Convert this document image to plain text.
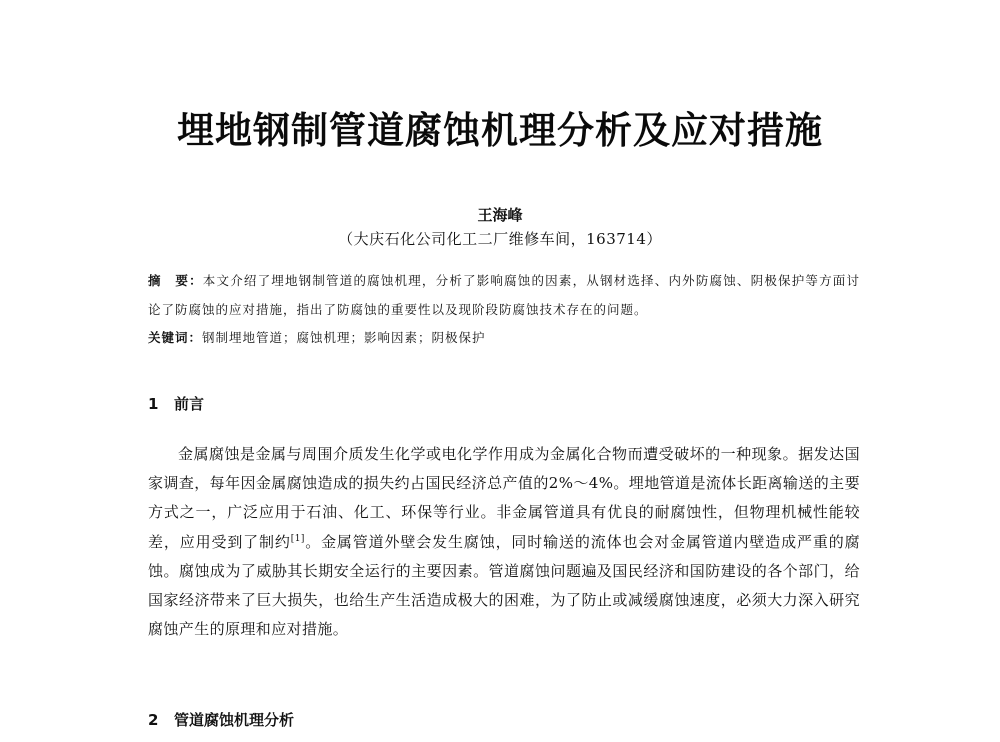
埋地钢制管道腐蚀机理分析及应对措施
王海峰
（大庆石化公司化工二厂维修车间，163714）
摘　要：本文介绍了埋地钢制管道的腐蚀机理，分析了影响腐蚀的因素，从钢材选择、内外防腐蚀、阴极保护等方面讨论了防腐蚀的应对措施，指出了防腐蚀的重要性以及现阶段防腐蚀技术存在的问题。
关键词：钢制埋地管道；腐蚀机理；影响因素；阴极保护
1 前言
金属腐蚀是金属与周围介质发生化学或电化学作用成为金属化合物而遭受破坏的一种现象。据发达国家调查，每年因金属腐蚀造成的损失约占国民经济总产值的2%～4%。埋地管道是流体长距离输送的主要方式之一，广泛应用于石油、化工、环保等行业。非金属管道具有优良的耐腐蚀性，但物理机械性能较差，应用受到了制约[1]。金属管道外壁会发生腐蚀，同时输送的流体也会对金属管道内壁造成严重的腐蚀。腐蚀成为了威胁其长期安全运行的主要因素。管道腐蚀问题遍及国民经济和国防建设的各个部门，给国家经济带来了巨大损失，也给生产生活造成极大的困难，为了防止或减缓腐蚀速度，必须大力深入研究腐蚀产生的原理和应对措施。
2 管道腐蚀机理分析
